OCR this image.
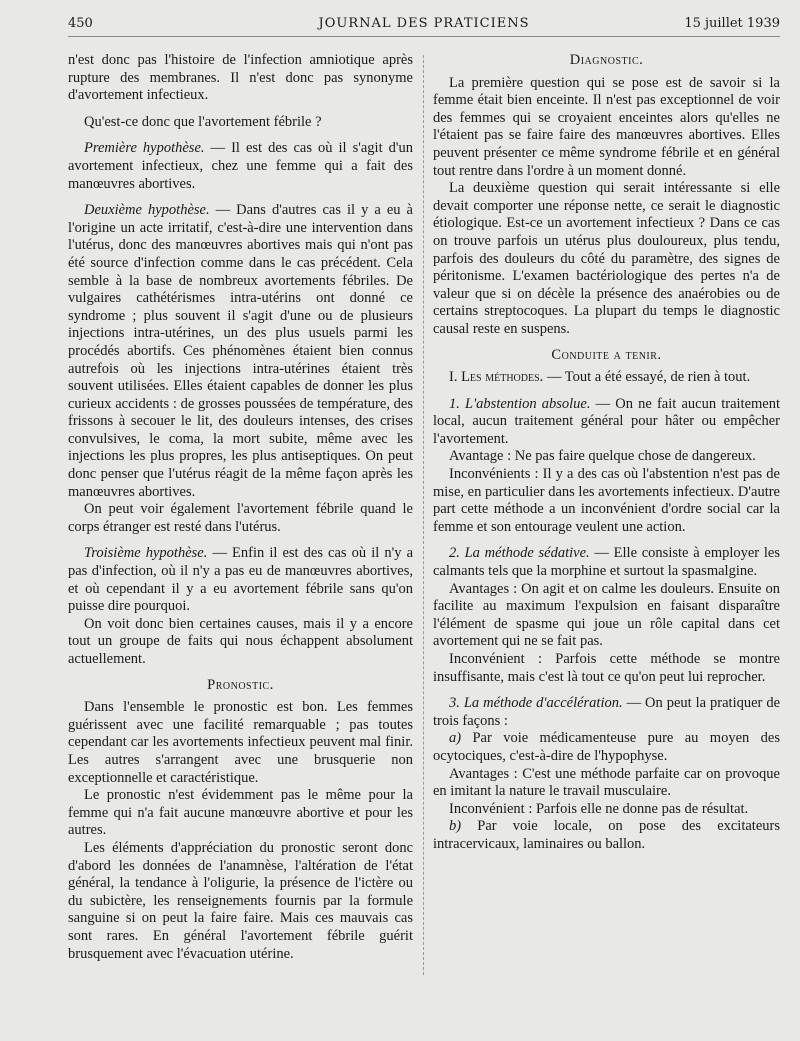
450	JOURNAL DES PRATICIENS	15 juillet 1939

n'est donc pas l'histoire de l'infection amniotique après rupture des membranes. Il n'est donc pas synonyme d'avortement infectieux.

Qu'est-ce donc que l'avortement fébrile ?

Première hypothèse. — Il est des cas où il s'agit d'un avortement infectieux, chez une femme qui a fait des manœuvres abortives.

Deuxième hypothèse. — Dans d'autres cas il y a eu à l'origine un acte irritatif, c'est-à-dire une intervention dans l'utérus, donc des manœuvres abortives mais qui n'ont pas été source d'infection comme dans le cas précédent. Cela semble à la base de nombreux avortements fébriles. De vulgaires cathétérismes intra-utérins ont donné ce syndrome ; plus souvent il s'agit d'une ou de plusieurs injections intra-utérines, un des plus usuels parmi les procédés abortifs. Ces phénomènes étaient bien connus autrefois où les injections intra-utérines étaient très souvent utilisées. Elles étaient capables de donner les plus curieux accidents : de grosses poussées de température, des frissons à secouer le lit, des douleurs intenses, des crises convulsives, le coma, la mort subite, même avec les injections les plus propres, les plus antiseptiques. On peut donc penser que l'utérus réagit de la même façon après les manœuvres abortives.

On peut voir également l'avortement fébrile quand le corps étranger est resté dans l'utérus.

Troisième hypothèse. — Enfin il est des cas où il n'y a pas d'infection, où il n'y a pas eu de manœuvres abortives, et où cependant il y a eu avortement fébrile sans qu'on puisse dire pourquoi.

On voit donc bien certaines causes, mais il y a encore tout un groupe de faits qui nous échappent absolument actuellement.

Pronostic.

Dans l'ensemble le pronostic est bon. Les femmes guérissent avec une facilité remarquable ; pas toutes cependant car les avortements infectieux peuvent mal finir. Les autres s'arrangent avec une brusquerie non exceptionnelle et caractéristique.

Le pronostic n'est évidemment pas le même pour la femme qui n'a fait aucune manœuvre abortive et pour les autres.

Les éléments d'appréciation du pronostic seront donc d'abord les données de l'anamnèse, l'altération de l'état général, la tendance à l'oligurie, la présence de l'ictère ou du subictère, les renseignements fournis par la formule sanguine si on peut la faire faire. Mais ces mauvais cas sont rares. En général l'avortement fébrile guérit brusquement avec l'évacuation utérine.

Diagnostic.

La première question qui se pose est de savoir si la femme était bien enceinte. Il n'est pas exceptionnel de voir des femmes qui se croyaient enceintes alors qu'elles ne l'étaient pas se faire faire des manœuvres abortives. Elles peuvent présenter ce même syndrome fébrile et en général tout rentre dans l'ordre à un moment donné.

La deuxième question qui serait intéressante si elle devait comporter une réponse nette, ce serait le diagnostic étiologique. Est-ce un avortement infectieux ? Dans ce cas on trouve parfois un utérus plus douloureux, plus tendu, parfois des douleurs du côté du paramètre, des signes de péritonisme. L'examen bactériologique des pertes n'a de valeur que si on décèle la présence des anaérobies ou de certains streptocoques. La plupart du temps le diagnostic causal reste en suspens.

Conduite a tenir.

I. Les méthodes. — Tout a été essayé, de rien à tout.

1. L'abstention absolue. — On ne fait aucun traitement local, aucun traitement général pour hâter ou empêcher l'avortement.

Avantage : Ne pas faire quelque chose de dangereux.

Inconvénients : Il y a des cas où l'abstention n'est pas de mise, en particulier dans les avortements infectieux. D'autre part cette méthode a un inconvénient d'ordre social car la femme et son entourage veulent une action.

2. La méthode sédative. — Elle consiste à employer les calmants tels que la morphine et surtout la spasmalgine.

Avantages : On agit et on calme les douleurs. Ensuite on facilite au maximum l'expulsion en faisant disparaître l'élément de spasme qui joue un rôle capital dans cet avortement qui ne se fait pas.

Inconvénient : Parfois cette méthode se montre insuffisante, mais c'est là tout ce qu'on peut lui reprocher.

3. La méthode d'accélération. — On peut la pratiquer de trois façons :

a) Par voie médicamenteuse pure au moyen des ocytociques, c'est-à-dire de l'hypophyse.

Avantages : C'est une méthode parfaite car on provoque en imitant la nature le travail musculaire.

Inconvénient : Parfois elle ne donne pas de résultat.

b) Par voie locale, on pose des excitateurs intracervicaux, laminaires ou ballon.
